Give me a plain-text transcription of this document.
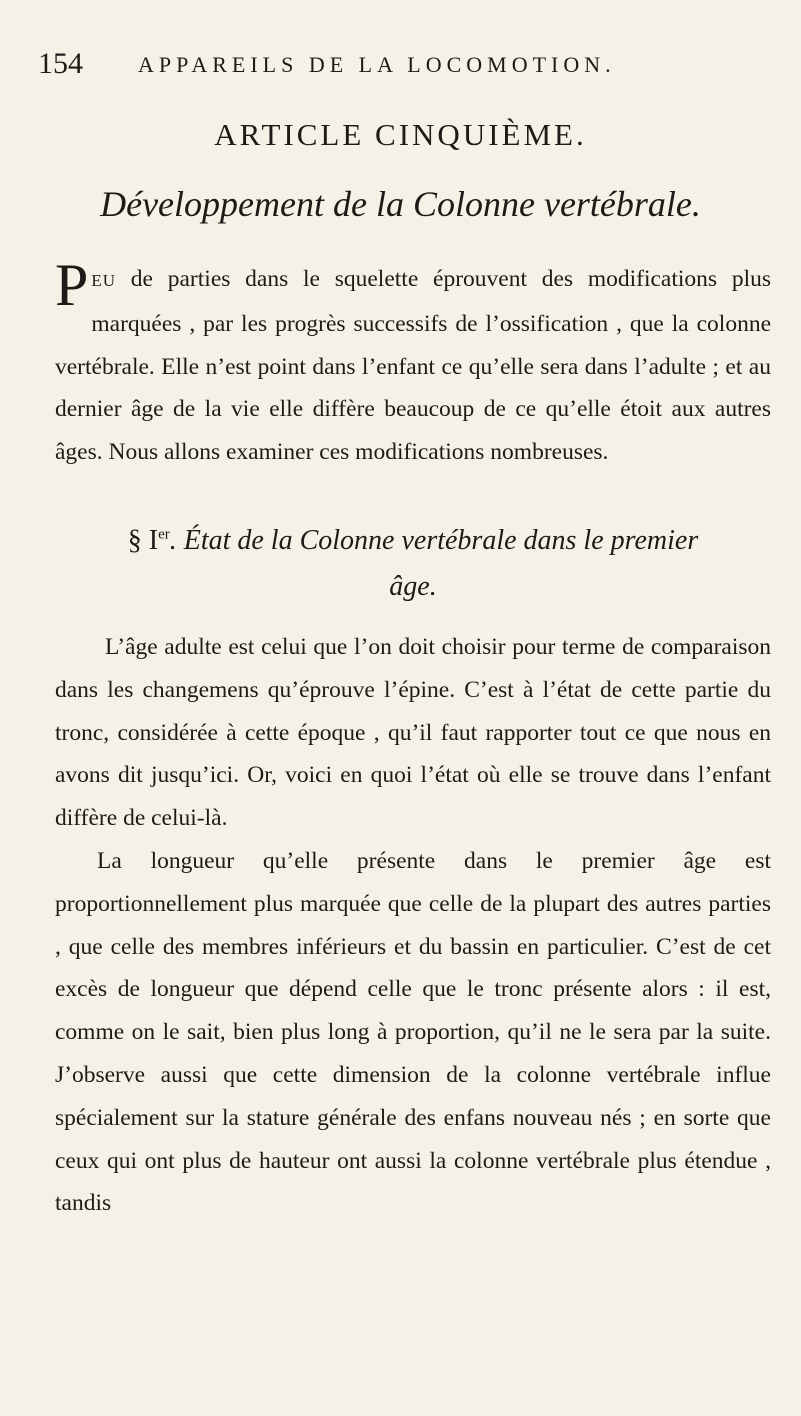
154	APPAREILS DE LA LOCOMOTION.
ARTICLE CINQUIÈME.
Développement de la Colonne vertébrale.

PEU de parties dans le squelette éprouvent des modifications plus marquées , par les progrès successifs de l’ossification , que la colonne vertébrale. Elle n’est point dans l’enfant ce qu’elle sera dans l’adulte ; et au dernier âge de la vie elle diffère beaucoup de ce qu’elle étoit aux autres âges. Nous allons examiner ces modifications nombreuses.

§ Ier. État de la Colonne vertébrale dans le premier
âge.

L’âge adulte est celui que l’on doit choisir pour terme de comparaison dans les changemens qu’éprouve l’épine. C’est à l’état de cette partie du tronc, considérée à cette époque , qu’il faut rapporter tout ce que nous en avons dit jusqu’ici. Or, voici en quoi l’état où elle se trouve dans l’enfant diffère de celui-là.

La longueur qu’elle présente dans le premier âge est proportionnellement plus marquée que celle de la plupart des autres parties , que celle des membres inférieurs et du bassin en particulier. C’est de cet excès de longueur que dépend celle que le tronc présente alors : il est, comme on le sait, bien plus long à proportion, qu’il ne le sera par la suite. J’observe aussi que cette dimension de la colonne vertébrale influe spécialement sur la stature générale des enfans nouveau nés ; en sorte que ceux qui ont plus de hauteur ont aussi la colonne vertébrale plus étendue , tandis
